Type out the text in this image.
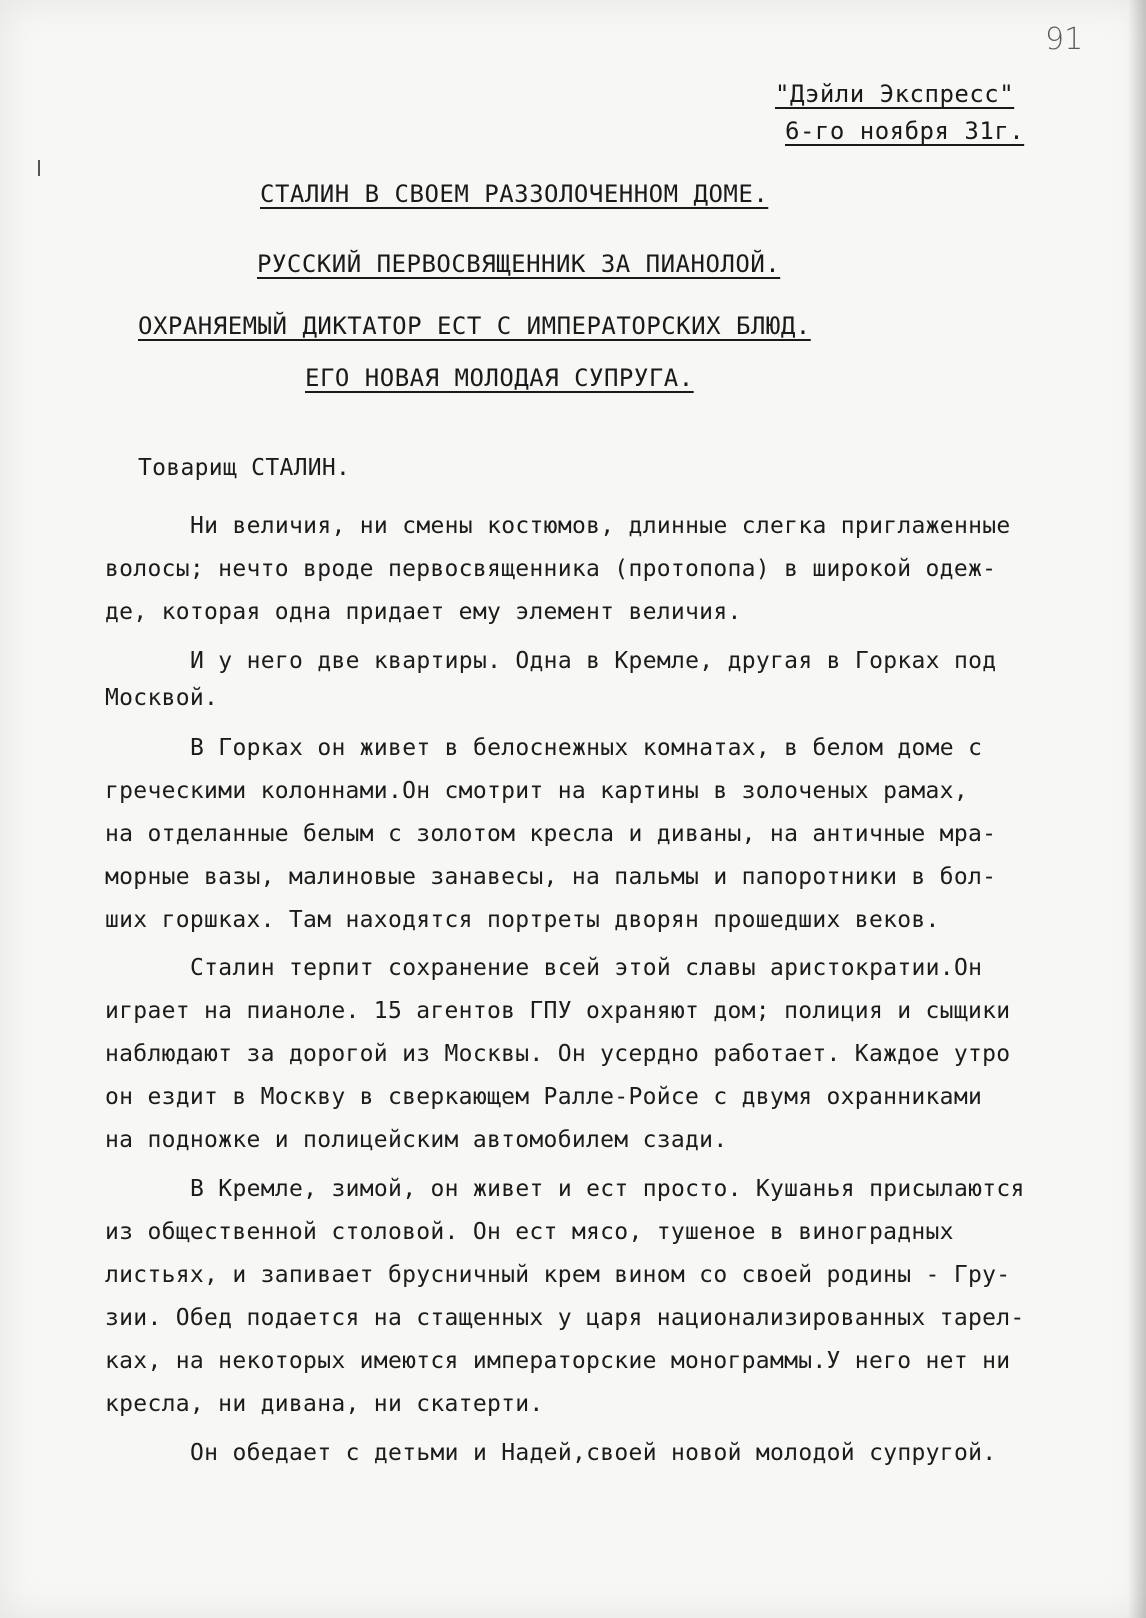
91
"Дэйли Экспресс"
6-го ноября 31г.
СТАЛИН В СВОЕМ РАЗЗОЛОЧЕННОМ ДОМЕ.
РУССКИЙ ПЕРВОСВЯЩЕННИК ЗА ПИАНОЛОЙ.
ОХРАНЯЕМЫЙ ДИКТАТОР ЕСТ С ИМПЕРАТОРСКИХ БЛЮД.
ЕГО НОВАЯ МОЛОДАЯ СУПРУГА.
Товарищ СТАЛИН.
Ни величия, ни смены костюмов, длинные слегка приглаженные
волосы; нечто вроде первосвященника (протопопа) в широкой одеж-
де, которая одна придает ему элемент величия.
И у него две квартиры. Одна в Кремле, другая в Горках под
Москвой.
В Горках он живет в белоснежных комнатах, в белом доме с
греческими колоннами.Он смотрит на картины в золоченых рамах,
на отделанные белым с золотом кресла и диваны, на античные мра-
морные вазы, малиновые занавесы, на пальмы и папоротники в бол-
ших горшках. Там находятся портреты дворян прошедших веков.
Сталин терпит сохранение всей этой славы аристократии.Он
играет на пианоле. 15 агентов ГПУ охраняют дом; полиция и сыщики
наблюдают за дорогой из Москвы. Он усердно работает. Каждое утро
он ездит в Москву в сверкающем Ралле-Ройсе с двумя охранниками
на подножке и полицейским автомобилем сзади.
В Кремле, зимой, он живет и ест просто. Кушанья присылаются
из общественной столовой. Он ест мясо, тушеное в виноградных
листьях, и запивает брусничный крем вином со своей родины - Гру-
зии. Обед подается на стащенных у царя национализированных тарел-
ках, на некоторых имеются императорские монограммы.У него нет ни
кресла, ни дивана, ни скатерти.
Он обедает с детьми и Надей,своей новой молодой супругой.
